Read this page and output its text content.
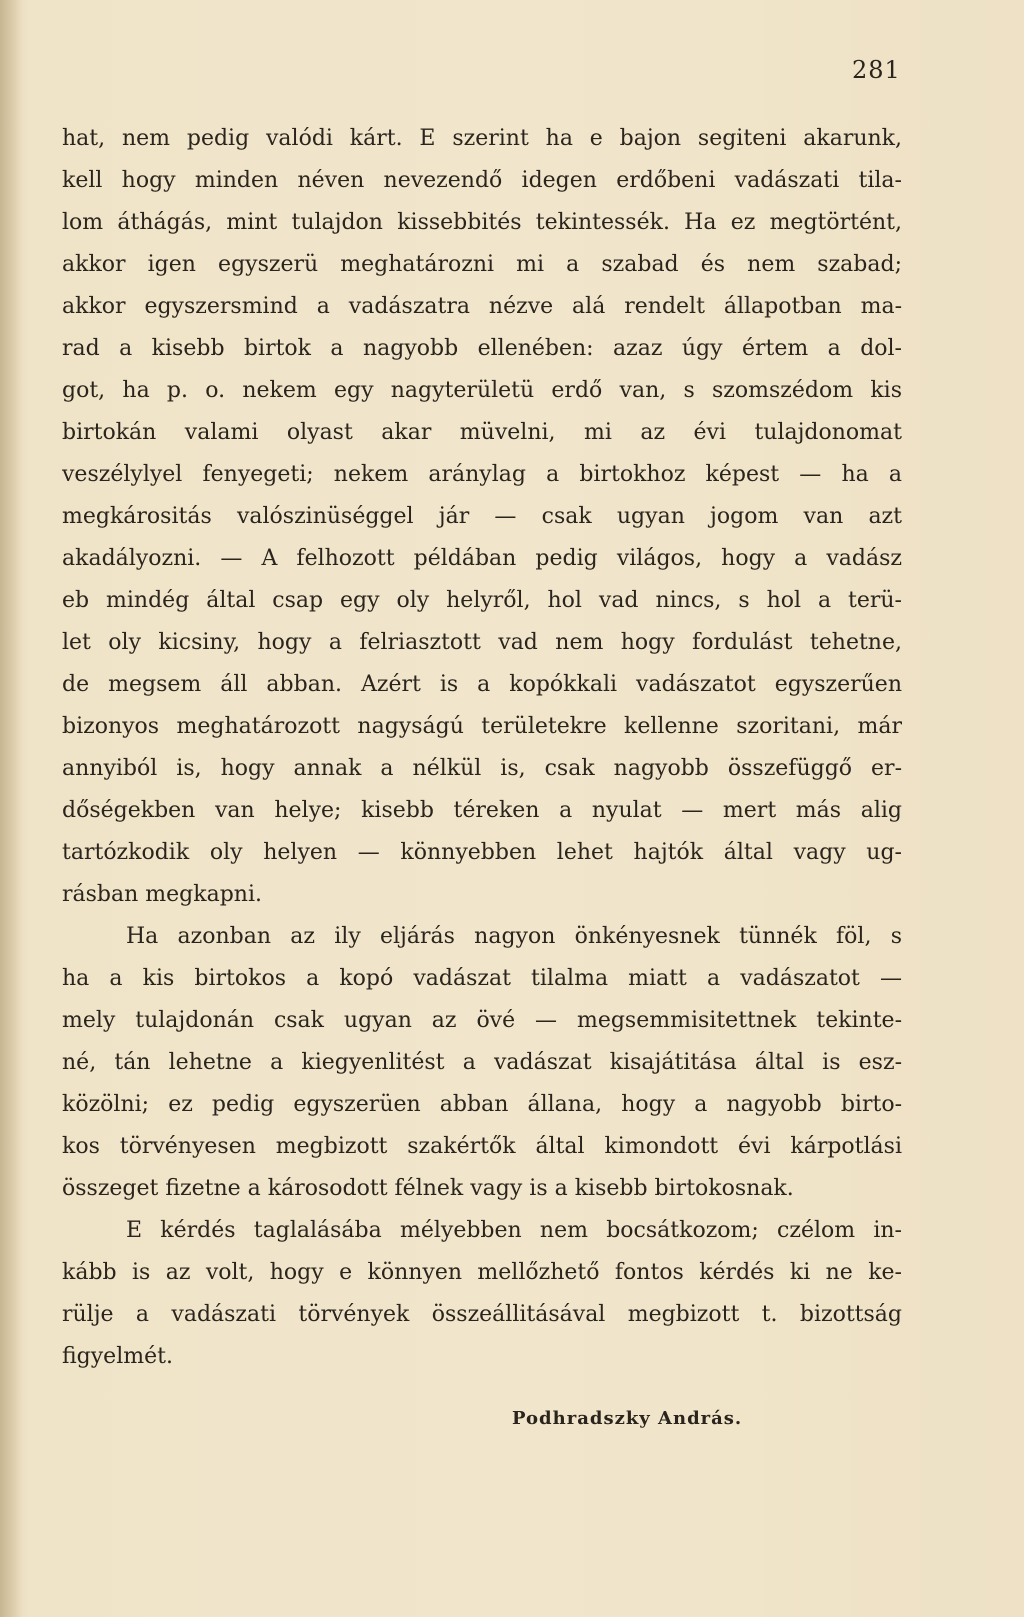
281
hat, nem pedig valódi kárt. E szerint ha e bajon segiteni akarunk,
kell hogy minden néven nevezendő idegen erdőbeni vadászati tila-
lom áthágás, mint tulajdon kissebbités tekintessék. Ha ez megtörtént,
akkor igen egyszerü meghatározni mi a szabad és nem szabad;
akkor egyszersmind a vadászatra nézve alá rendelt állapotban ma-
rad a kisebb birtok a nagyobb ellenében: azaz úgy értem a dol-
got, ha p. o. nekem egy nagyterületü erdő van, s szomszédom kis
birtokán valami olyast akar müvelni, mi az évi tulajdonomat
veszélylyel fenyegeti; nekem aránylag a birtokhoz képest — ha a
megkárositás valószinüséggel jár — csak ugyan jogom van azt
akadályozni. — A felhozott példában pedig világos, hogy a vadász
eb mindég által csap egy oly helyről, hol vad nincs, s hol a terü-
let oly kicsiny, hogy a felriasztott vad nem hogy fordulást tehetne,
de megsem áll abban. Azért is a kopókkali vadászatot egyszerűen
bizonyos meghatározott nagyságú területekre kellenne szoritani, már
annyiból is, hogy annak a nélkül is, csak nagyobb összefüggő er-
dőségekben van helye; kisebb téreken a nyulat — mert más alig
tartózkodik oly helyen — könnyebben lehet hajtók által vagy ug-
rásban megkapni.
Ha azonban az ily eljárás nagyon önkényesnek tünnék föl, s
ha a kis birtokos a kopó vadászat tilalma miatt a vadászatot —
mely tulajdonán csak ugyan az övé — megsemmisitettnek tekinte-
né, tán lehetne a kiegyenlitést a vadászat kisajátitása által is esz-
közölni; ez pedig egyszerüen abban állana, hogy a nagyobb birto-
kos törvényesen megbizott szakértők által kimondott évi kárpotlási
összeget fizetne a károsodott félnek vagy is a kisebb birtokosnak.
E kérdés taglalásába mélyebben nem bocsátkozom; czélom in-
kább is az volt, hogy e könnyen mellőzhető fontos kérdés ki ne ke-
rülje a vadászati törvények összeállitásával megbizott t. bizottság
figyelmét.
Podhradszky András.
